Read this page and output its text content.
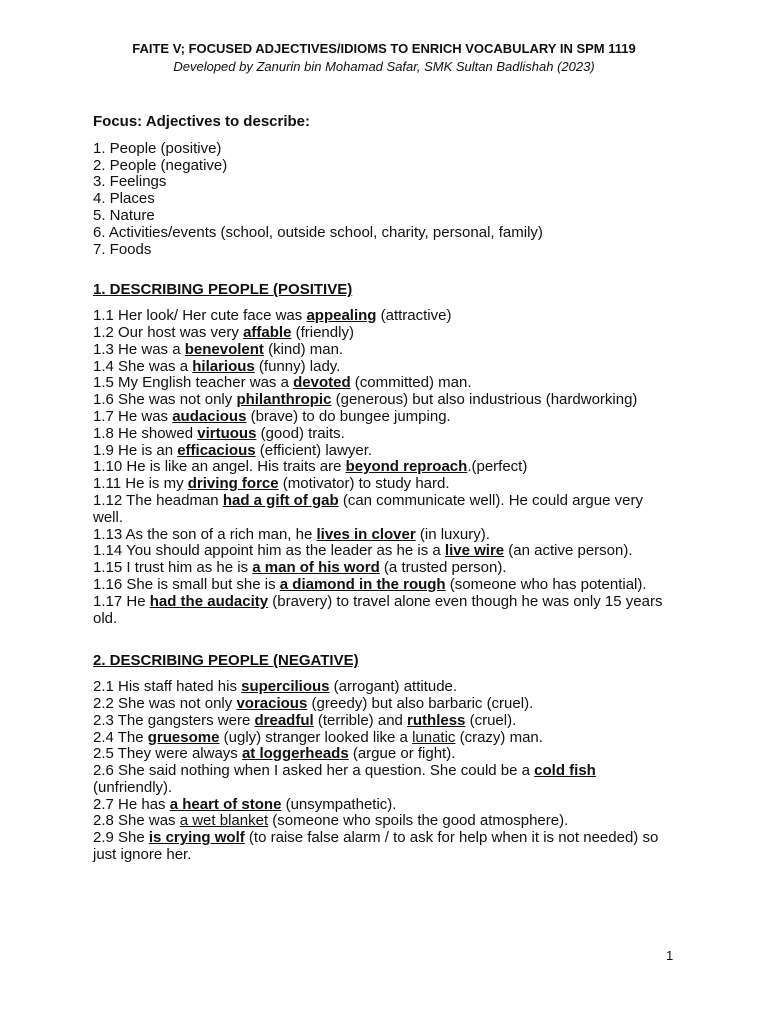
FAITE V; FOCUSED ADJECTIVES/IDIOMS TO ENRICH VOCABULARY IN SPM 1119
Developed by Zanurin bin Mohamad Safar, SMK Sultan Badlishah (2023)
Focus: Adjectives to describe:
1. People (positive)
2. People (negative)
3. Feelings
4. Places
5. Nature
6. Activities/events (school, outside school, charity, personal, family)
7. Foods
1. DESCRIBING PEOPLE (POSITIVE)
1.1 Her look/ Her cute face was appealing (attractive)
1.2 Our host was very affable (friendly)
1.3 He was a benevolent (kind) man.
1.4 She was a hilarious (funny) lady.
1.5 My English teacher was a devoted (committed) man.
1.6 She was not only philanthropic (generous) but also industrious (hardworking)
1.7 He was audacious (brave) to do bungee jumping.
1.8 He showed virtuous (good) traits.
1.9 He is an efficacious (efficient) lawyer.
1.10 He is like an angel. His traits are beyond reproach.(perfect)
1.11 He is my driving force (motivator) to study hard.
1.12 The headman had a gift of gab (can communicate well). He could argue very well.
1.13 As the son of a rich man, he lives in clover (in luxury).
1.14 You should appoint him as the leader as he is a live wire (an active person).
1.15 I trust him as he is a man of his word (a trusted person).
1.16 She is small but she is a diamond in the rough (someone who has potential).
1.17 He had the audacity (bravery) to travel alone even though he was only 15 years old.
2. DESCRIBING PEOPLE (NEGATIVE)
2.1 His staff hated his supercilious (arrogant) attitude.
2.2 She was not only voracious (greedy) but also barbaric (cruel).
2.3 The gangsters were dreadful (terrible) and ruthless (cruel).
2.4 The gruesome (ugly) stranger looked like a lunatic (crazy) man.
2.5 They were always at loggerheads (argue or fight).
2.6 She said nothing when I asked her a question. She could be a cold fish (unfriendly).
2.7 He has a heart of stone (unsympathetic).
2.8 She was a wet blanket (someone who spoils the good atmosphere).
2.9 She is crying wolf (to raise false alarm / to ask for help when it is not needed) so just ignore her.
1
